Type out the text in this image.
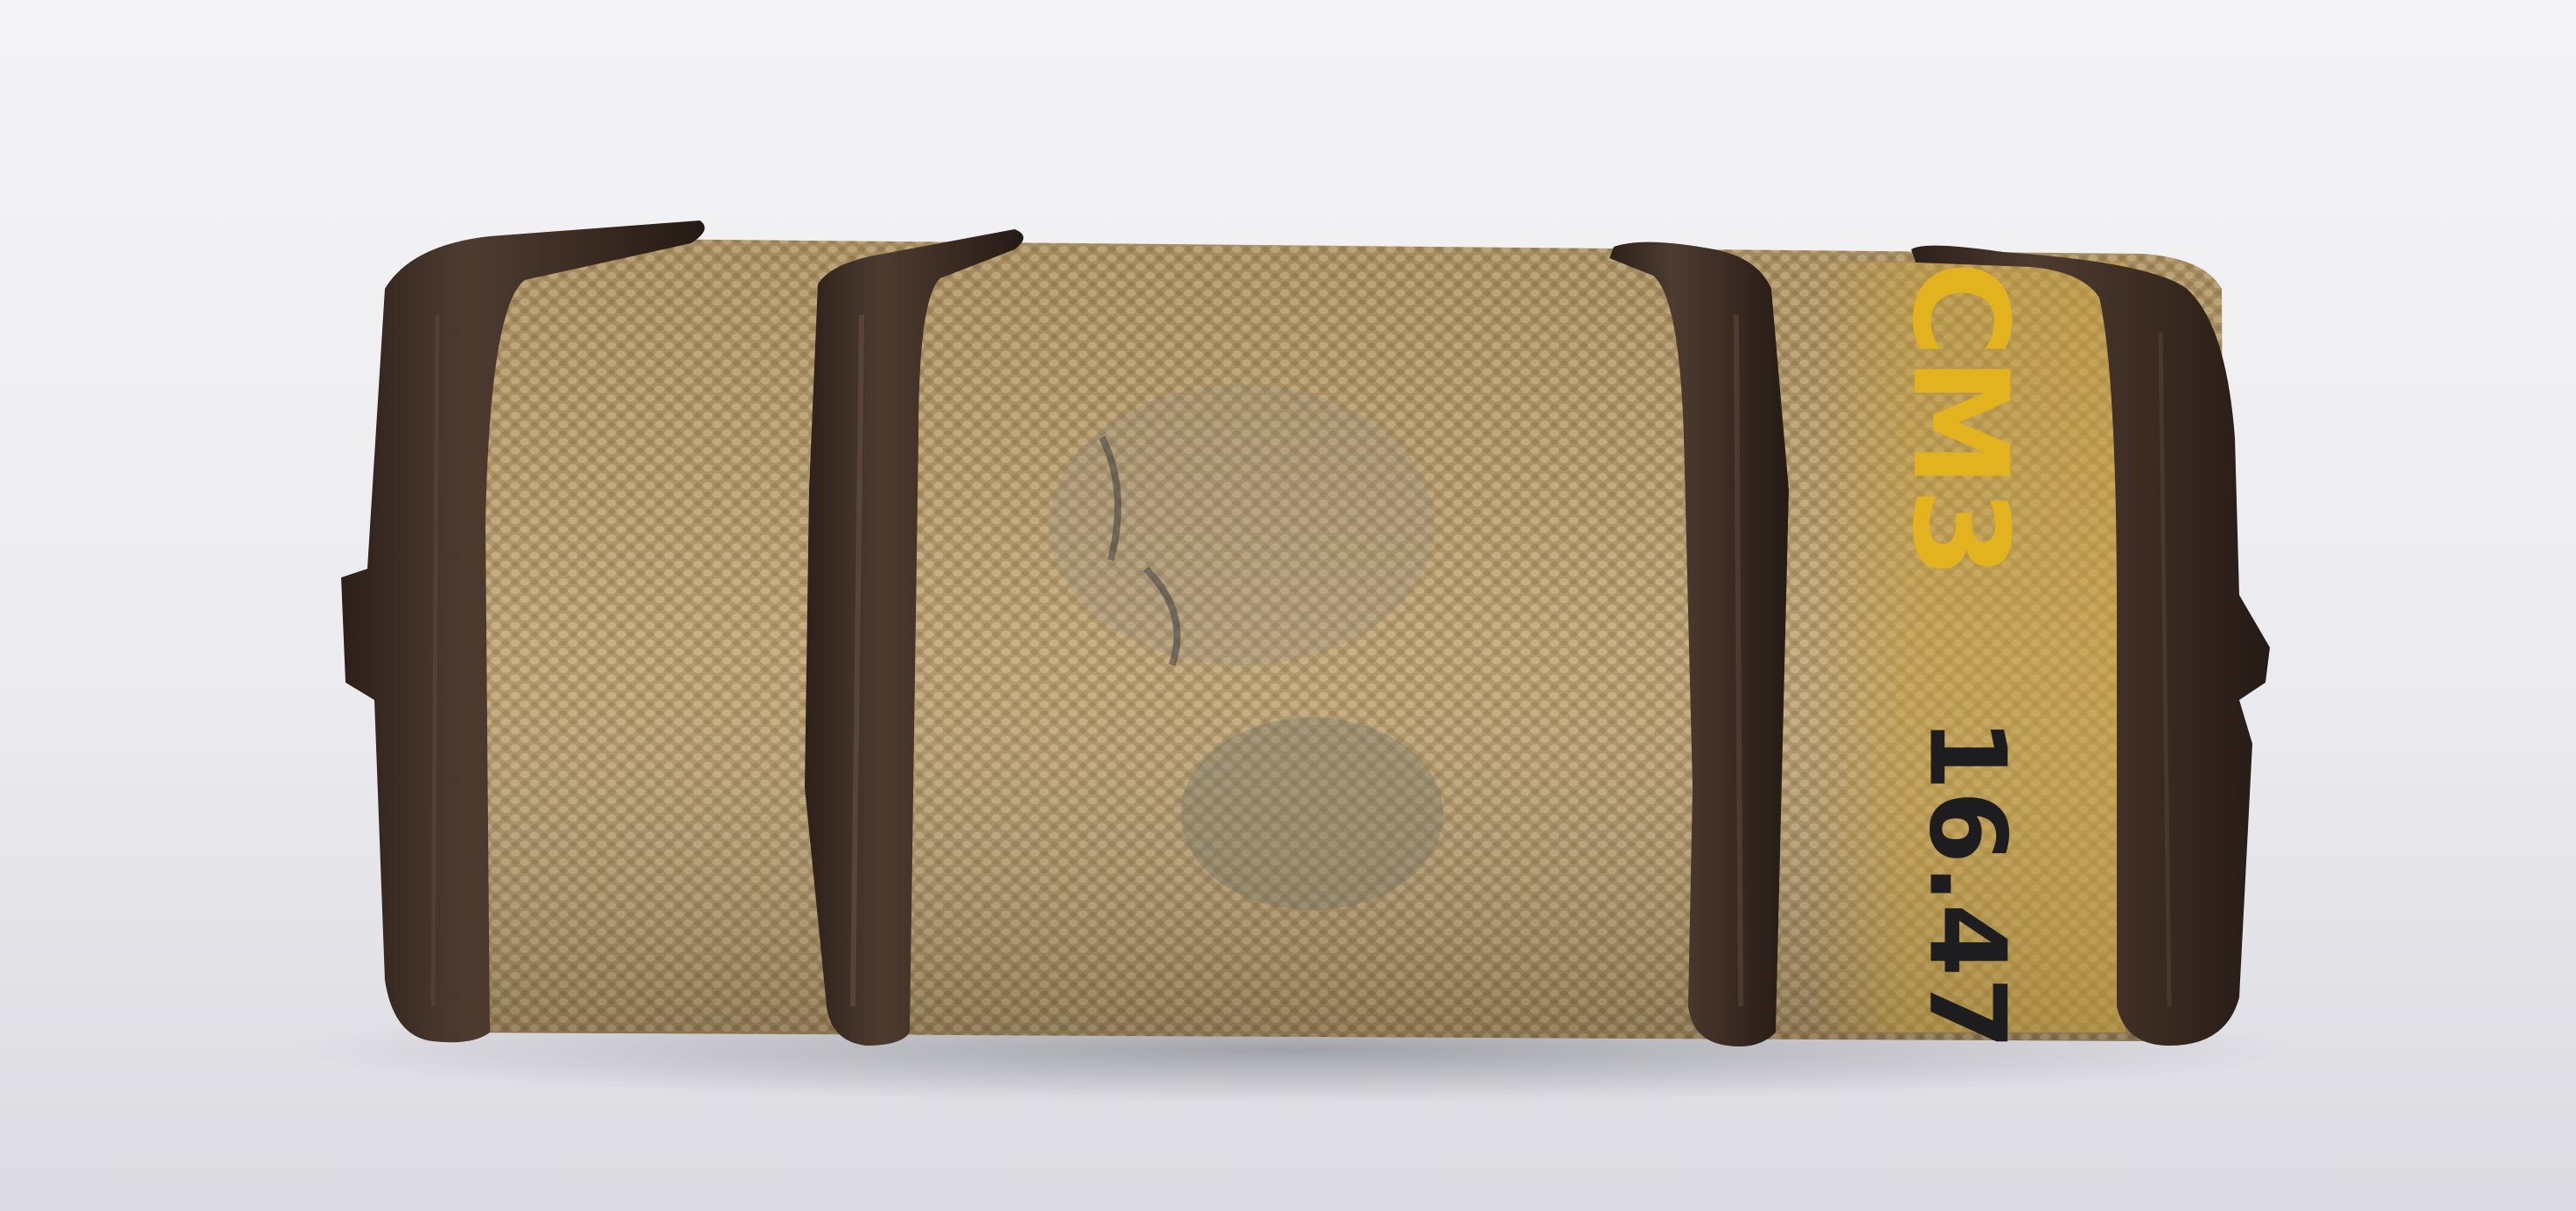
CM3
16.47
